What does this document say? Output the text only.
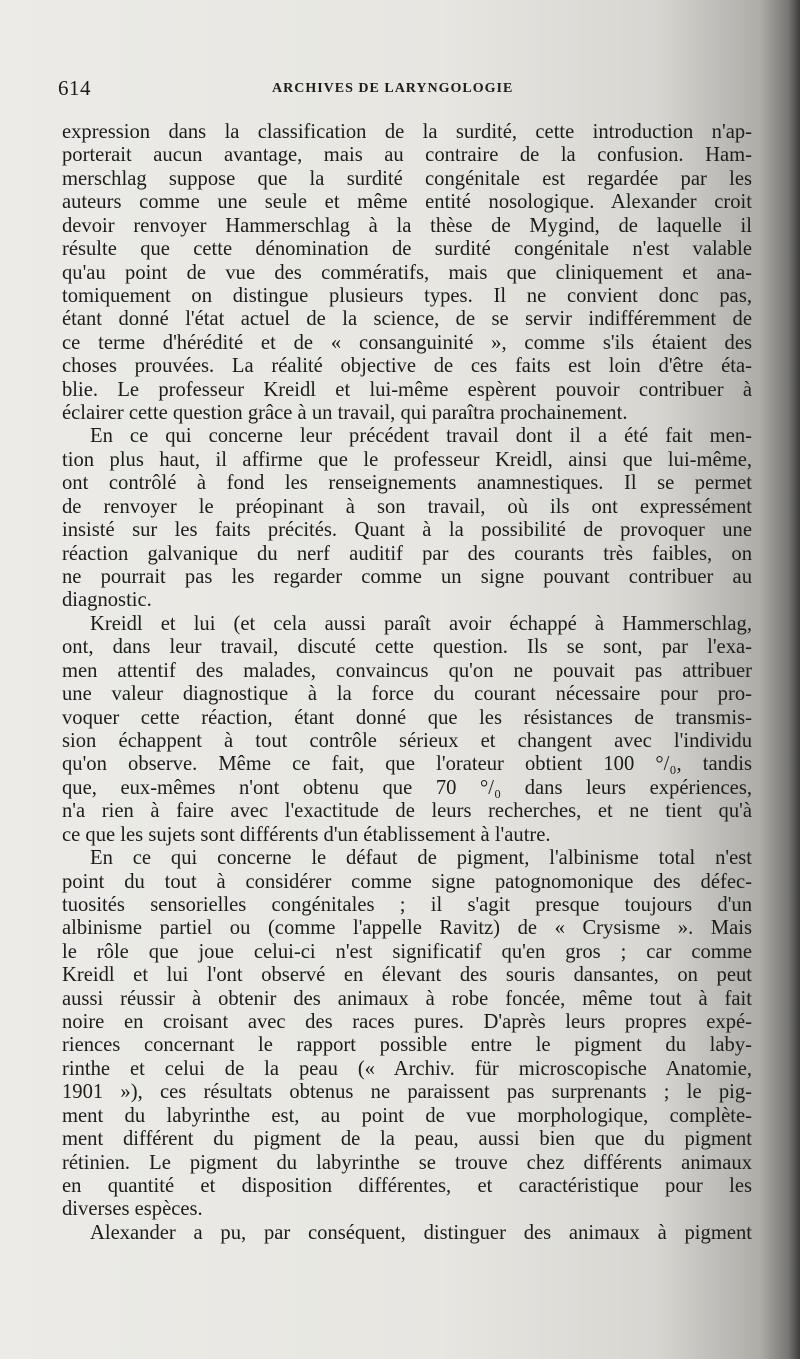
614	ARCHIVES DE LARYNGOLOGIE
expression dans la classification de la surdité, cette introduction n'ap-
porterait aucun avantage, mais au contraire de la confusion. Ham-
merschlag suppose que la surdité congénitale est regardée par les
auteurs comme une seule et même entité nosologique. Alexander croit
devoir renvoyer Hammerschlag à la thèse de Mygind, de laquelle il
résulte que cette dénomination de surdité congénitale n'est valable
qu'au point de vue des commératifs, mais que cliniquement et ana-
tomiquement on distingue plusieurs types. Il ne convient donc pas,
étant donné l'état actuel de la science, de se servir indifféremment de
ce terme d'hérédité et de « consanguinité », comme s'ils étaient des
choses prouvées. La réalité objective de ces faits est loin d'être éta-
blie. Le professeur Kreidl et lui-même espèrent pouvoir contribuer à
éclairer cette question grâce à un travail, qui paraîtra prochainement.
En ce qui concerne leur précédent travail dont il a été fait men-
tion plus haut, il affirme que le professeur Kreidl, ainsi que lui-même,
ont contrôlé à fond les renseignements anamnestiques. Il se permet
de renvoyer le préopinant à son travail, où ils ont expressément
insisté sur les faits précités. Quant à la possibilité de provoquer une
réaction galvanique du nerf auditif par des courants très faibles, on
ne pourrait pas les regarder comme un signe pouvant contribuer au
diagnostic.
Kreidl et lui (et cela aussi paraît avoir échappé à Hammerschlag,
ont, dans leur travail, discuté cette question. Ils se sont, par l'exa-
men attentif des malades, convaincus qu'on ne pouvait pas attribuer
une valeur diagnostique à la force du courant nécessaire pour pro-
voquer cette réaction, étant donné que les résistances de transmis-
sion échappent à tout contrôle sérieux et changent avec l'individu
qu'on observe. Même ce fait, que l'orateur obtient 100 °/₀, tandis
que, eux-mêmes n'ont obtenu que 70 °/₀ dans leurs expériences,
n'a rien à faire avec l'exactitude de leurs recherches, et ne tient qu'à
ce que les sujets sont différents d'un établissement à l'autre.
En ce qui concerne le défaut de pigment, l'albinisme total n'est
point du tout à considérer comme signe patognomonique des défec-
tuosités sensorielles congénitales ; il s'agit presque toujours d'un
albinisme partiel ou (comme l'appelle Ravitz) de « Crysisme ». Mais
le rôle que joue celui-ci n'est significatif qu'en gros ; car comme
Kreidl et lui l'ont observé en élevant des souris dansantes, on peut
aussi réussir à obtenir des animaux à robe foncée, même tout à fait
noire en croisant avec des races pures. D'après leurs propres expé-
riences concernant le rapport possible entre le pigment du laby-
rinthe et celui de la peau (« Archiv. für microscopische Anatomie,
1901 »), ces résultats obtenus ne paraissent pas surprenants ; le pig-
ment du labyrinthe est, au point de vue morphologique, complète-
ment différent du pigment de la peau, aussi bien que du pigment
rétinien. Le pigment du labyrinthe se trouve chez différents animaux
en quantité et disposition différentes, et caractéristique pour les
diverses espèces.
Alexander a pu, par conséquent, distinguer des animaux à pigment
